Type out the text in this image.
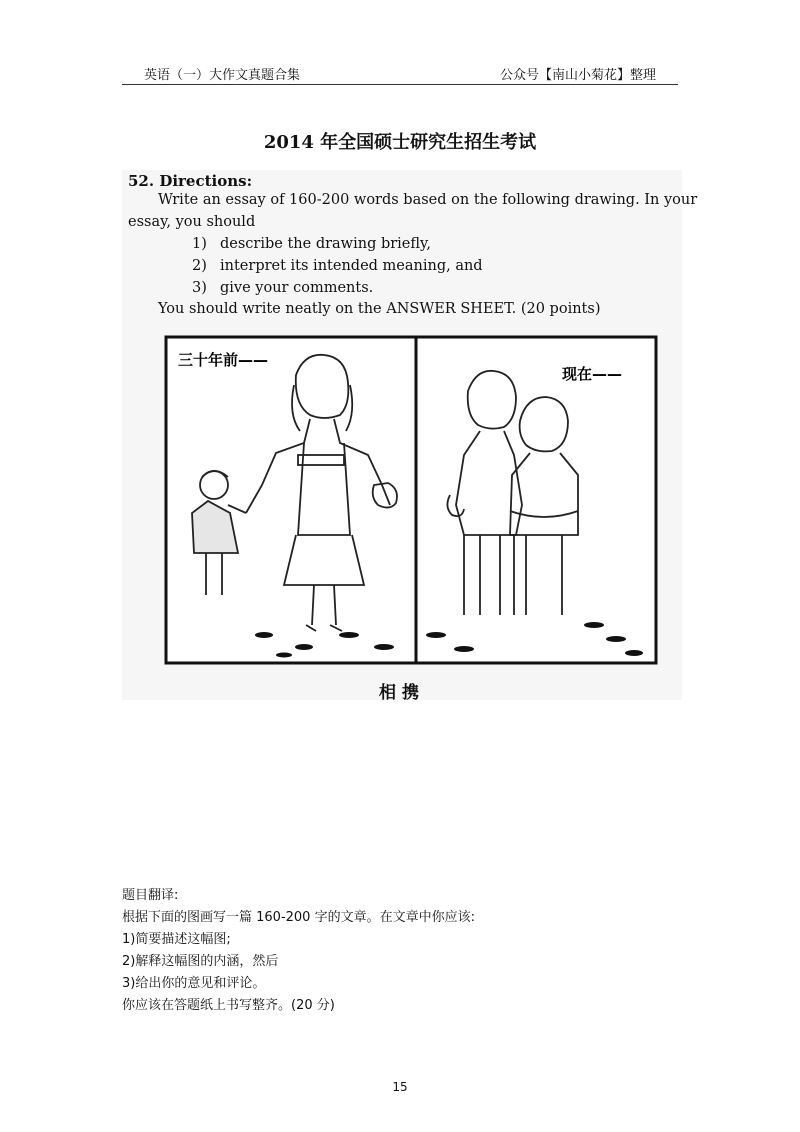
英语（一）大作文真题合集	公众号【南山小菊花】整理
2014 年全国硕士研究生招生考试
52. Directions:
Write an essay of 160-200 words based on the following drawing. In your
essay, you should
1) describe the drawing briefly,
2) interpret its intended meaning, and
3) give your comments.
You should write neatly on the ANSWER SHEET. (20 points)
三十年前——
现在——
相携
题目翻译:
根据下面的图画写一篇 160-200 字的文章。在文章中你应该:
1)简要描述这幅图;
2)解释这幅图的内涵，然后
3)给出你的意见和评论。
你应该在答题纸上书写整齐。(20 分)
15
